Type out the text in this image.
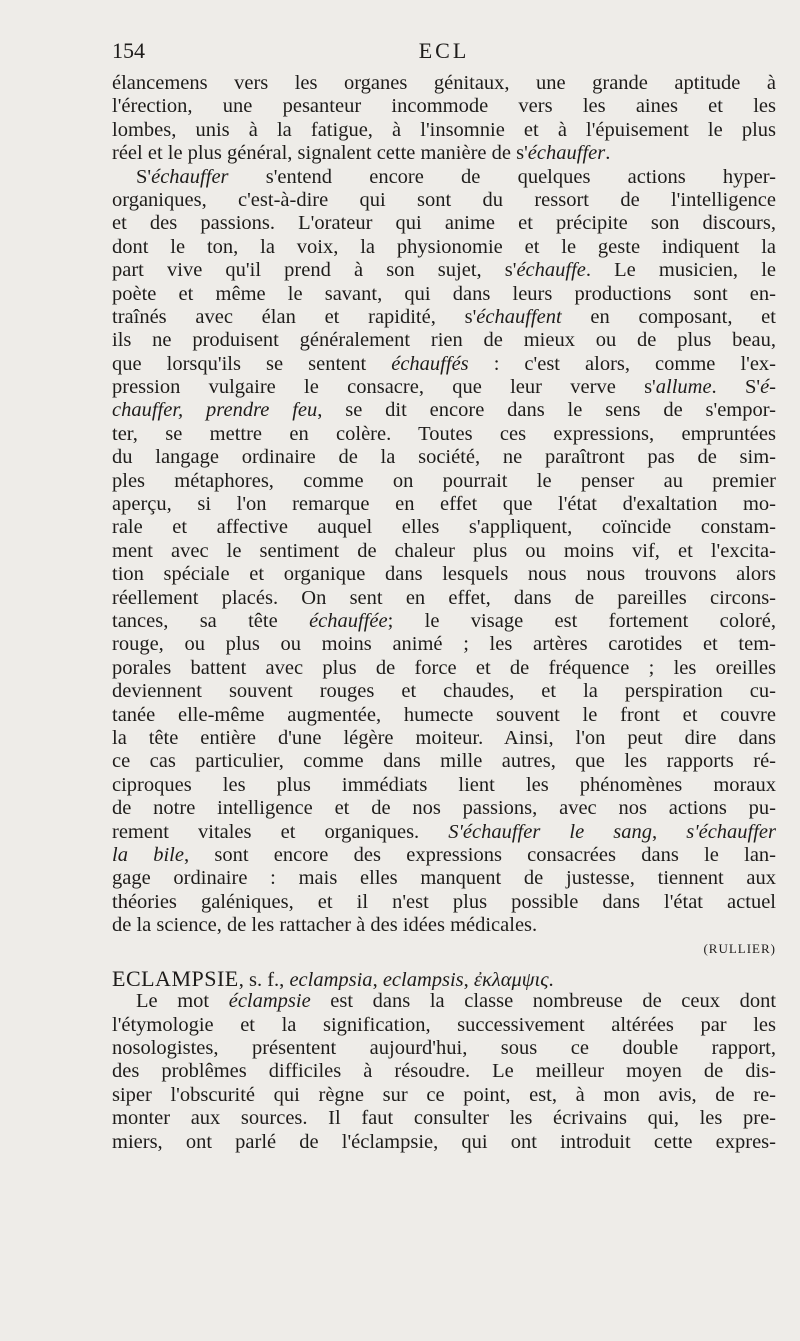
154	ECL
élancemens vers les organes génitaux, une grande aptitude à
l'érection, une pesanteur incommode vers les aines et les
lombes, unis à la fatigue, à l'insomnie et à l'épuisement le plus
réel et le plus général, signalent cette manière de s'échauffer.
S'échauffer s'entend encore de quelques actions hyper-
organiques, c'est-à-dire qui sont du ressort de l'intelligence
et des passions. L'orateur qui anime et précipite son discours,
dont le ton, la voix, la physionomie et le geste indiquent la
part vive qu'il prend à son sujet, s'échauffe. Le musicien, le
poète et même le savant, qui dans leurs productions sont en-
traînés avec élan et rapidité, s'échauffent en composant, et
ils ne produisent généralement rien de mieux ou de plus beau,
que lorsqu'ils se sentent échauffés : c'est alors, comme l'ex-
pression vulgaire le consacre, que leur verve s'allume. S'é-
chauffer, prendre feu, se dit encore dans le sens de s'empor-
ter, se mettre en colère. Toutes ces expressions, empruntées
du langage ordinaire de la société, ne paraîtront pas de sim-
ples métaphores, comme on pourrait le penser au premier
aperçu, si l'on remarque en effet que l'état d'exaltation mo-
rale et affective auquel elles s'appliquent, coïncide constam-
ment avec le sentiment de chaleur plus ou moins vif, et l'excita-
tion spéciale et organique dans lesquels nous nous trouvons alors
réellement placés. On sent en effet, dans de pareilles circons-
tances, sa tête échauffée; le visage est fortement coloré,
rouge, ou plus ou moins animé ; les artères carotides et tem-
porales battent avec plus de force et de fréquence ; les oreilles
deviennent souvent rouges et chaudes, et la perspiration cu-
tanée elle-même augmentée, humecte souvent le front et couvre
la tête entière d'une légère moiteur. Ainsi, l'on peut dire dans
ce cas particulier, comme dans mille autres, que les rapports ré-
ciproques les plus immédiats lient les phénomènes moraux
de notre intelligence et de nos passions, avec nos actions pu-
rement vitales et organiques. S'échauffer le sang, s'échauffer
la bile, sont encore des expressions consacrées dans le lan-
gage ordinaire : mais elles manquent de justesse, tiennent aux
théories galéniques, et il n'est plus possible dans l'état actuel
de la science, de les rattacher à des idées médicales.
(RULLIER)
ECLAMPSIE, s. f., eclampsia, eclampsis, ἐκλαμψις.
Le mot éclampsie est dans la classe nombreuse de ceux dont
l'étymologie et la signification, successivement altérées par les
nosologistes, présentent aujourd'hui, sous ce double rapport,
des problêmes difficiles à résoudre. Le meilleur moyen de dis-
siper l'obscurité qui règne sur ce point, est, à mon avis, de re-
monter aux sources. Il faut consulter les écrivains qui, les pre-
miers, ont parlé de l'éclampsie, qui ont introduit cette expres-
